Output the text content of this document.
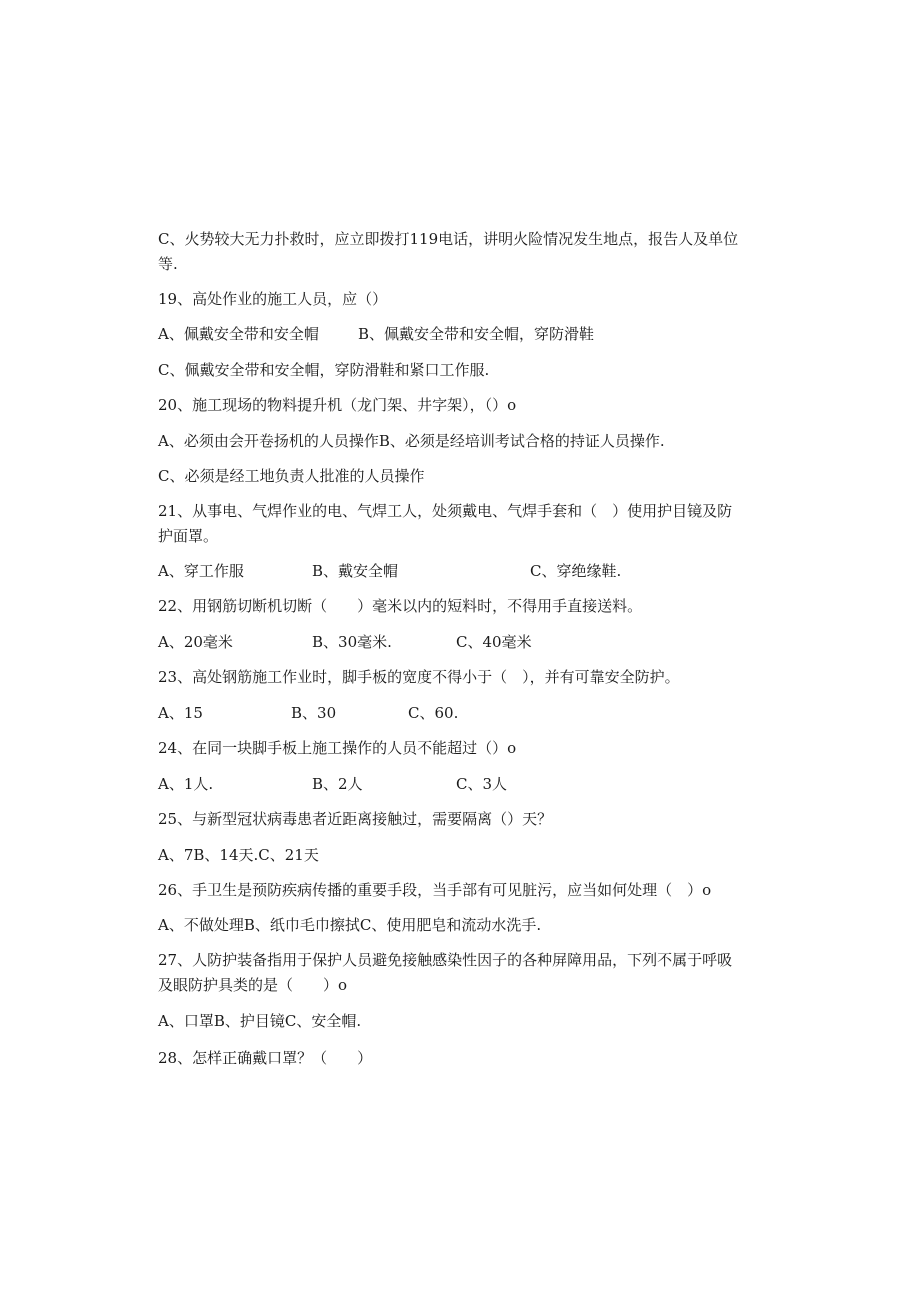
C、火势较大无力扑救时，应立即拨打119电话，讲明火险情况发生地点，报告人及单位
等.
19、高处作业的施工人员，应（）
A、佩戴安全带和安全帽	B、佩戴安全带和安全帽，穿防滑鞋
C、佩戴安全带和安全帽，穿防滑鞋和紧口工作服.
20、施工现场的物料提升机（龙门架、井字架），（）o
A、必须由会开卷扬机的人员操作B、必须是经培训考试合格的持证人员操作.
C、必须是经工地负责人批准的人员操作
21、从事电、气焊作业的电、气焊工人，处须戴电、气焊手套和（　）使用护目镜及防
护面罩。
A、穿工作服	B、戴安全帽	C、穿绝缘鞋.
22、用钢筋切断机切断（　　）毫米以内的短料时，不得用手直接送料。
A、20毫米	B、30毫米.	C、40毫米
23、高处钢筋施工作业时，脚手板的宽度不得小于（　），并有可靠安全防护。
A、15	B、30	C、60.
24、在同一块脚手板上施工操作的人员不能超过（）o
A、1人.	B、2人	C、3人
25、与新型冠状病毒患者近距离接触过，需要隔离（）天？
A、7B、14天.C、21天
26、手卫生是预防疾病传播的重要手段，当手部有可见脏污，应当如何处理（　）o
A、不做处理B、纸巾毛巾擦拭C、使用肥皂和流动水洗手.
27、人防护装备指用于保护人员避免接触感染性因子的各种屏障用品，下列不属于呼吸
及眼防护具类的是（　　）o
A、口罩B、护目镜C、安全帽.
28、怎样正确戴口罩？（　　）
